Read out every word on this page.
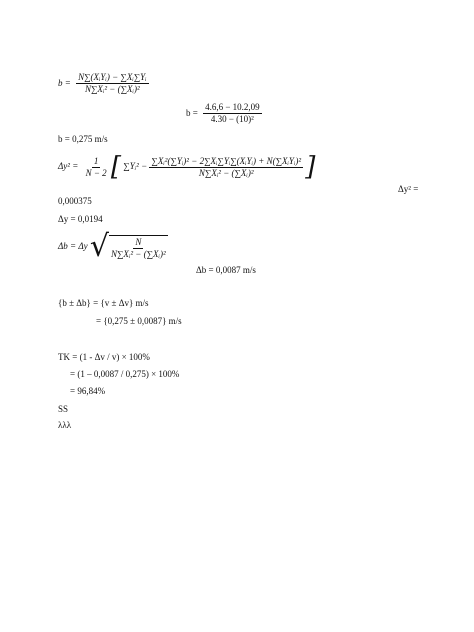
$b = \frac{\text{N∑(XᵢYᵢ) − ∑Xᵢ∑Yᵢ}}{\text{N∑Xᵢ² − (∑Xᵢ)²}}$
$b = \frac{4.6,6 - 10.2,09}{\text{4.30 − (10)²}}$
b = 0,275 m/s
$\Delta y^2 = \frac{1}{N - 2}$ [ ∑Yᵢ² − $\frac{\text{∑Xᵢ²(∑Yᵢ)² − 2∑Xᵢ∑Yᵢ∑(XᵢYᵢ) + N(∑XᵢYᵢ)²}}{\text{N∑Xᵢ² − (∑Xᵢ)²}}$ ]
Δy² =
0,000375
Δy = 0,0194
Δb = Δy √ $\frac{N}{\text{N∑Xᵢ² − (∑Xᵢ)²}}$
Δb = 0,0087 m/s
{b ± Δb} = {v ± Δv} m/s
= {0,275 ± 0,0087} m/s
TK = (1 - Δv / v) × 100%
= (1 – 0,0087 / 0,275) × 100%
= 96,84%
SS
λλλ
